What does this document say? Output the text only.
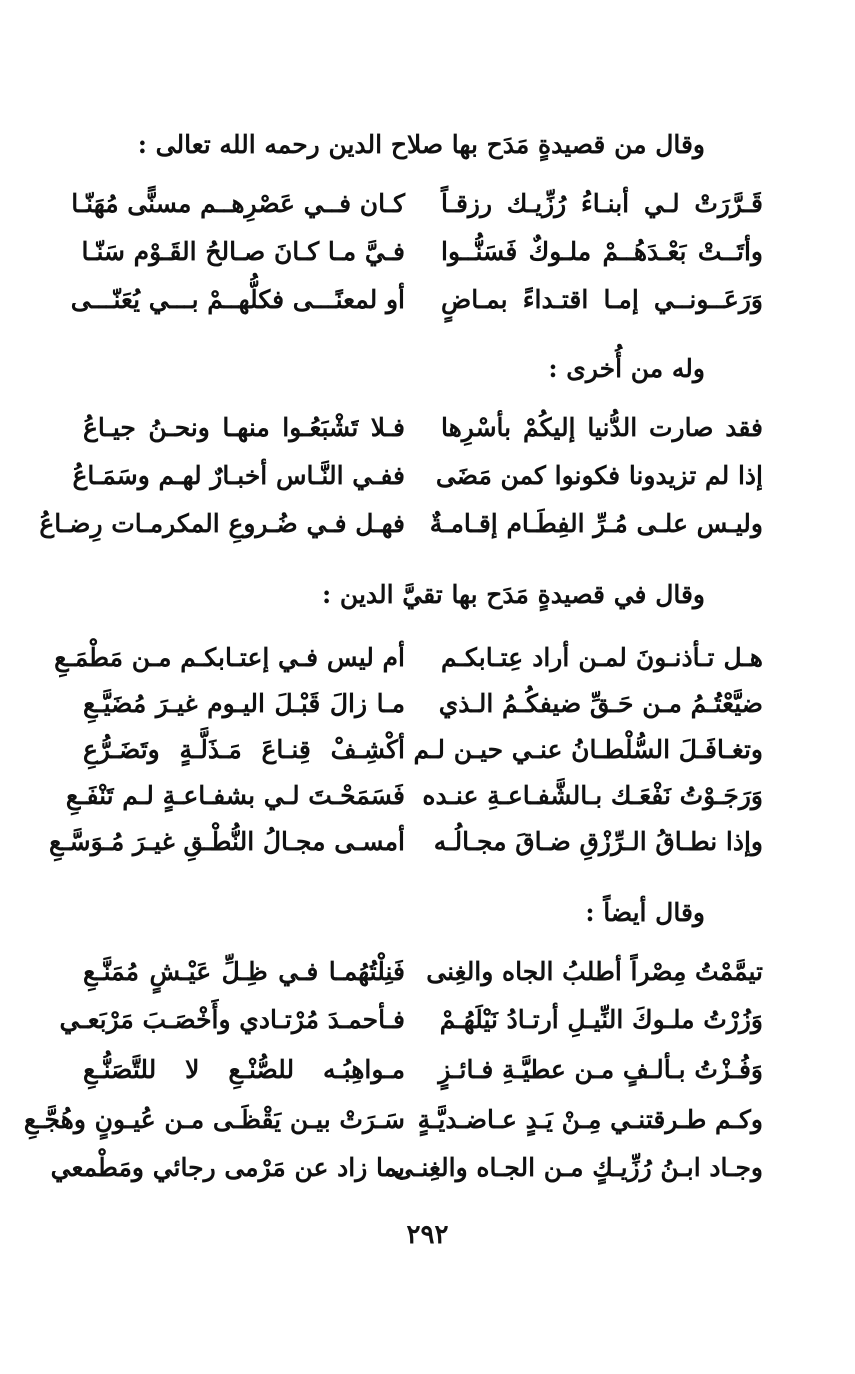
وقال من قصيدةٍ مَدَح بها صلاح الدين رحمه الله تعالى :
قَـرَّرَتْ لـي أبنـاءُ رُزِّيـك رزقـاً
كـان فــي عَصْرِهــم مسنًّى مُهَنّـا
وأتَــتْ بَعْـدَهُــمْ ملـوكٌ فَسَنُّــوا
فـيَّ مـا كـانَ صـالحُ القَـوْم سَنّـا
وَرَعَــونــي إمـا اقتـداءً بمـاضٍ
أو لمعنًـــى فكلُّهــمْ بـــي يُعَنّـــى
وله من أُخرى :
فقد صارت الدُّنيا إليكُمْ بأسْرِها
فـلا تَشْبَعُـوا منهـا ونحـنُ جيـاعُ
إذا لم تزيدونا فكونوا كمن مَضَى
ففـي النَّـاس أخبـارٌ لهـم وسَمَـاعُ
وليـس علـى مُـرِّ الفِطَـام إقـامـةٌ
فهـل فـي ضُـروعِ المكرمـات رِضـاعُ
وقال في قصيدةٍ مَدَح بها تقيَّ الدين :
هـل تـأذنـونَ لمـن أراد عِتـابكـم
أم ليس فـي إعتـابكـم مـن مَطْمَـعِ
ضيَّعْتُـمُ مـن حَـقِّ ضيفكُـمُ الـذي
مـا زالَ قَبْـلَ اليـوم غيـرَ مُضَيَّـعِ
وتغـافَـلَ السُّلْطـانُ عنـي حيـن لـم
أكْشِـفْ قِنـاعَ مَـذَلَّـةٍ وتَضَـرُّعِ
وَرَجَـوْتُ نَفْعَـك بـالشَّفـاعـةِ عنـده
فَسَمَحْـتَ لـي بشفـاعـةٍ لـم تَنْفَـعِ
وإذا نطـاقُ الـرِّزْقِ ضـاقَ مجـالُـه
أمسـى مجـالُ النُّطْـقِ غيـرَ مُـوَسَّـعِ
وقال أيضاً :
تيمَّمْتُ مِصْراً أطلبُ الجاه والغِنى
فَنِلْتُهُمـا فـي ظِـلِّ عَيْـشٍ مُمَنَّـعِ
وَزُرْتُ ملـوكَ النِّيـلِ أرتـادُ نَيْلَهُـمْ
فـأحمـدَ مُرْتـادي وأَخْصَـبَ مَرْبَعـي
وَفُـزْتُ بـألـفٍ مـن عطيَّـةِ فـائـزٍ
مـواهِبُـه للصُّنْـعِ لا للتَّصَنُّـعِ
وكـم طـرقتنـي مِـنْ يَـدٍ عـاضـديَّـةٍ
سَـرَتْ بيـن يَقْظَـى مـن عُيـونٍ وهُجَّـعِ
وجـاد ابـنُ رُزِّيـكٍ مـن الجـاه والغِنـى
بما زاد عن مَرْمى رجائي ومَطْمعي
٢٩٢
